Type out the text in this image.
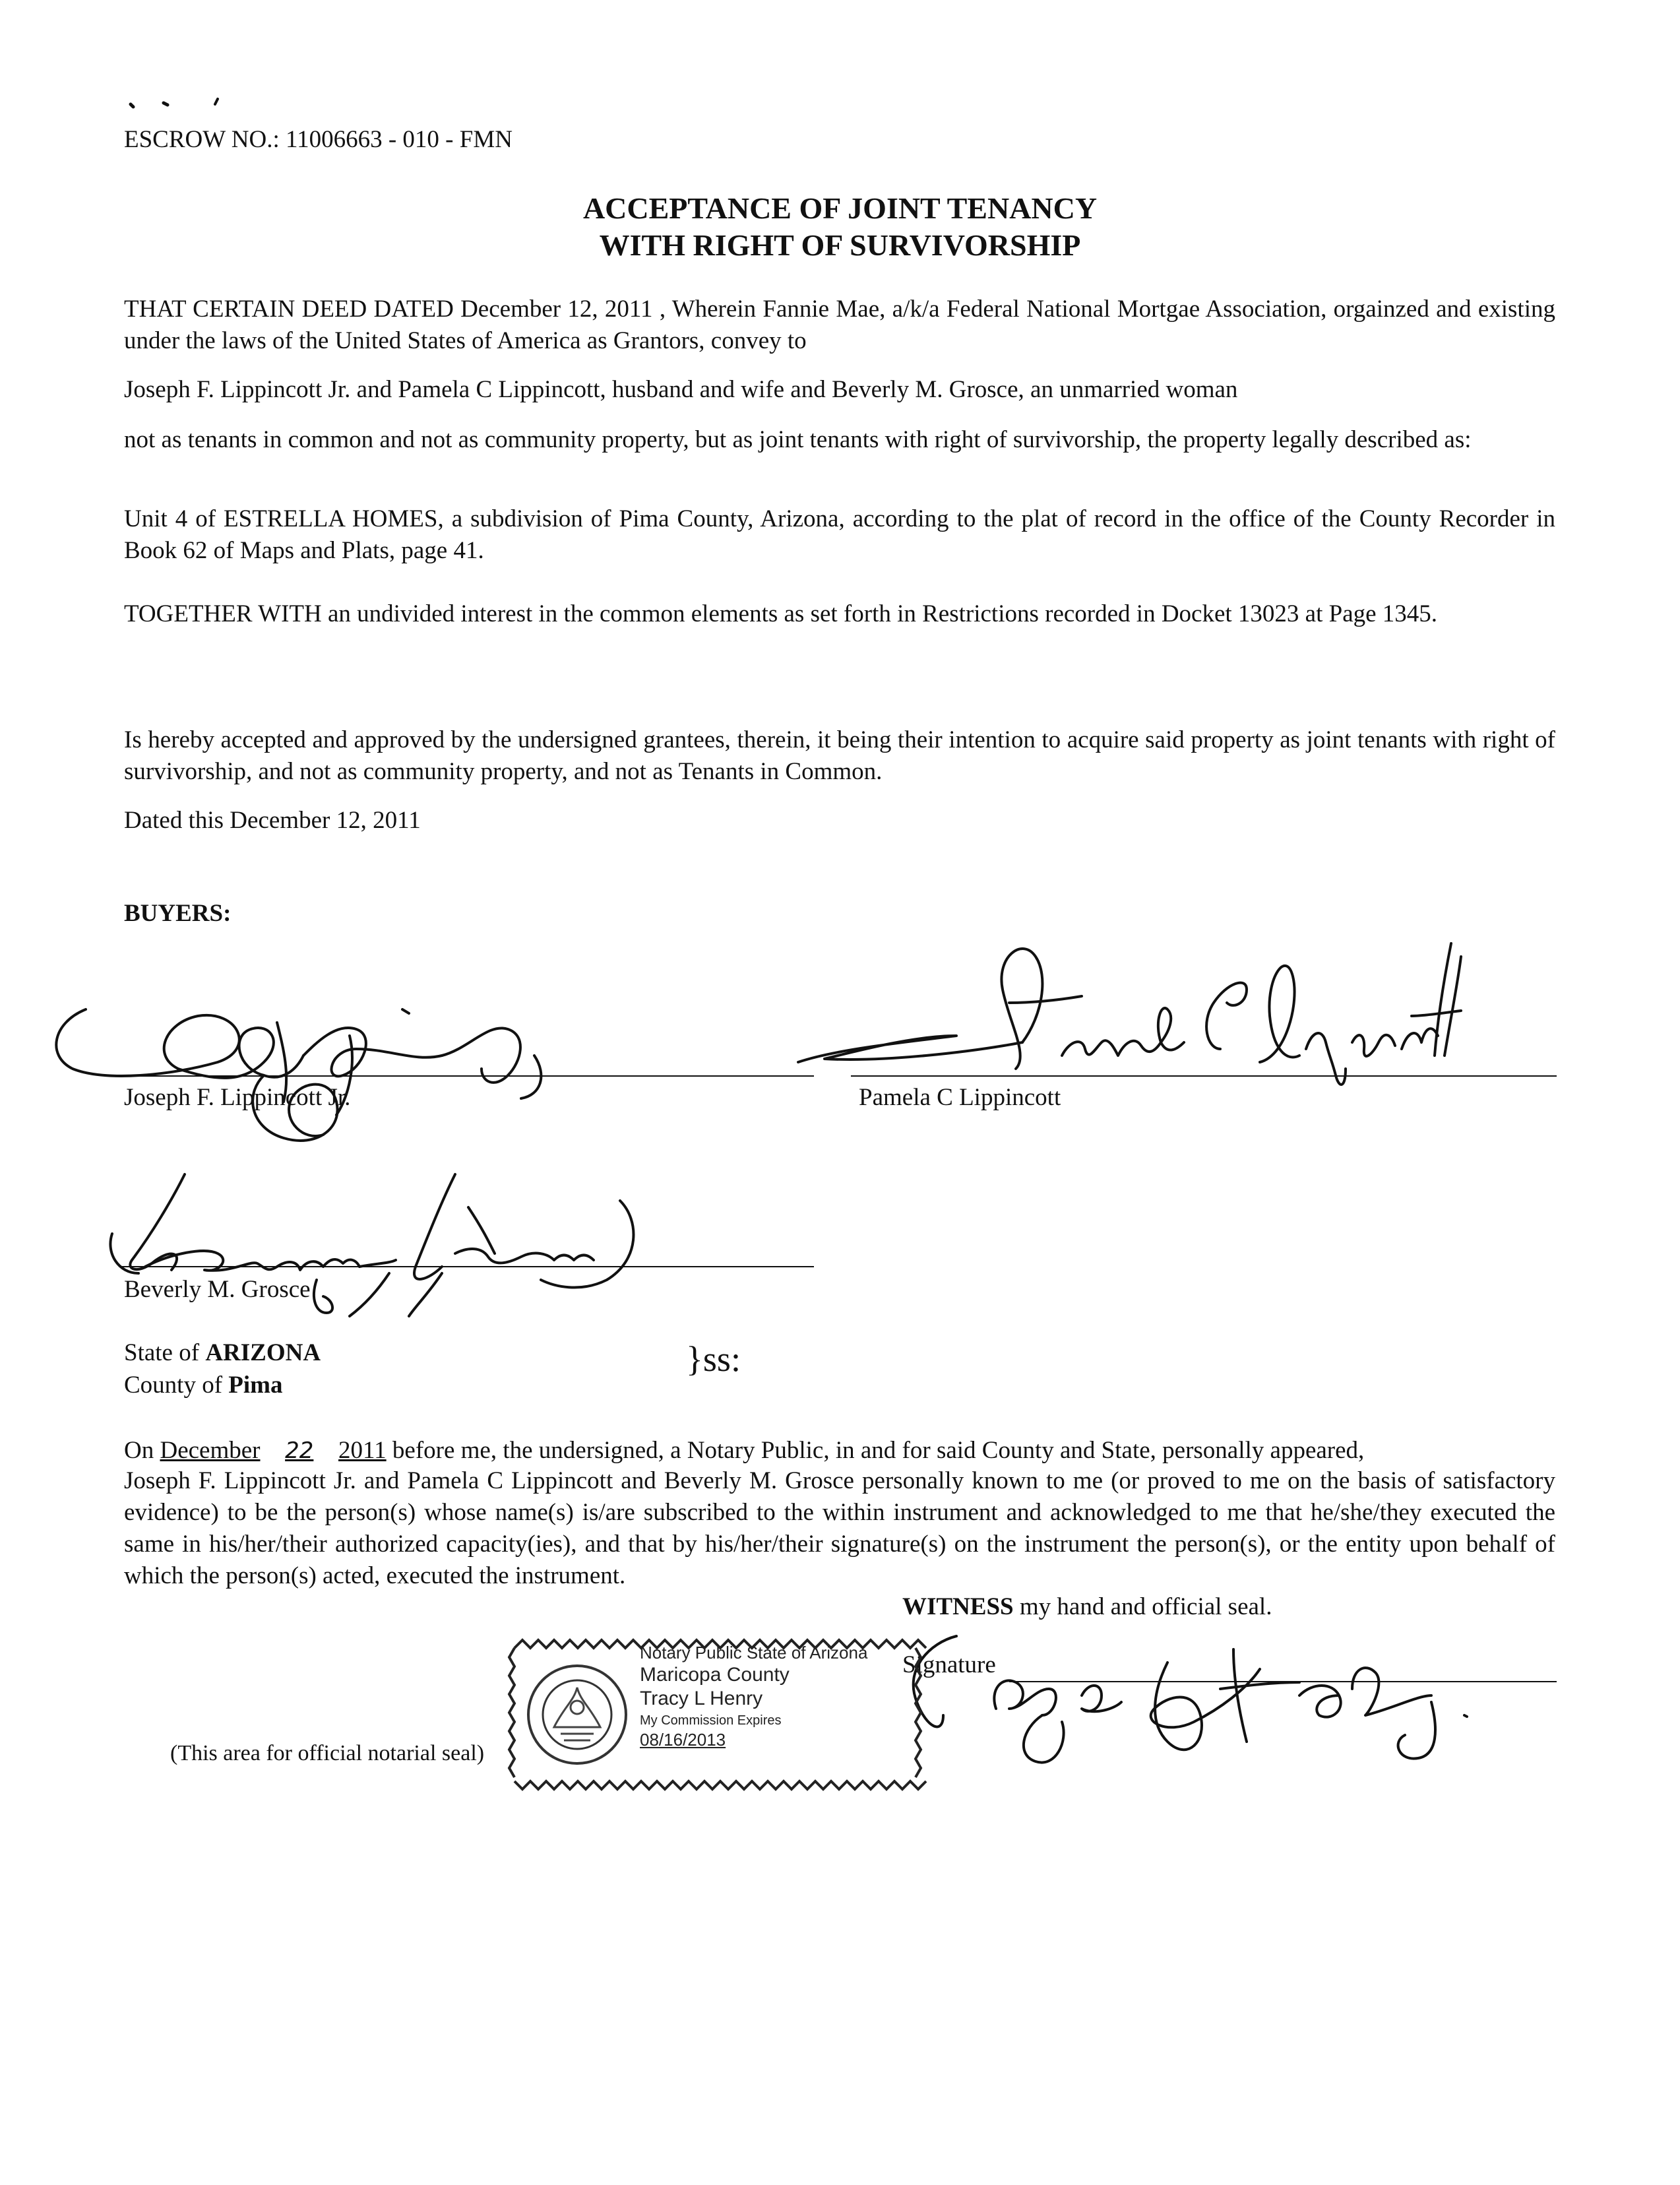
ESCROW NO.: 11006663 - 010 - FMN
ACCEPTANCE OF JOINT TENANCY
WITH RIGHT OF SURVIVORSHIP
THAT CERTAIN DEED DATED December 12, 2011 , Wherein Fannie Mae, a/k/a Federal National Mortgae Association, orgainzed and existing under the laws of the United States of America as Grantors, convey to
Joseph F. Lippincott Jr. and Pamela C Lippincott, husband and wife and Beverly M. Grosce, an unmarried woman
not as tenants in common and not as community property, but as joint tenants with right of survivorship, the property legally described as:
Unit 4 of ESTRELLA HOMES, a subdivision of Pima County, Arizona, according to the plat of record in the office of the County Recorder in Book 62 of Maps and Plats, page 41.
TOGETHER WITH an undivided interest in the common elements as set forth in Restrictions recorded in Docket 13023 at Page 1345.
Is hereby accepted and approved by the undersigned grantees, therein, it being their intention to acquire said property as joint tenants with right of survivorship, and not as community property, and not as Tenants in Common.
Dated this December 12, 2011
BUYERS:
Joseph F. Lippincott Jr.	Pamela C Lippincott
Beverly M. Grosce
State of ARIZONA
County of Pima
}ss:
On December 22 2011 before me, the undersigned, a Notary Public, in and for said County and State, personally appeared,
Joseph F. Lippincott Jr. and Pamela C Lippincott and Beverly M. Grosce personally known to me (or proved to me on the basis of satisfactory evidence) to be the person(s) whose name(s) is/are subscribed to the within instrument and acknowledged to me that he/she/they executed the same in his/her/their authorized capacity(ies), and that by his/her/their signature(s) on the instrument the person(s), or the entity upon behalf of which the person(s) acted, executed the instrument.
WITNESS my hand and official seal.
Signature
(This area for official notarial seal)
Notary Public State of Arizona
Maricopa County
Tracy L Henry
My Commission Expires
08/16/2013
